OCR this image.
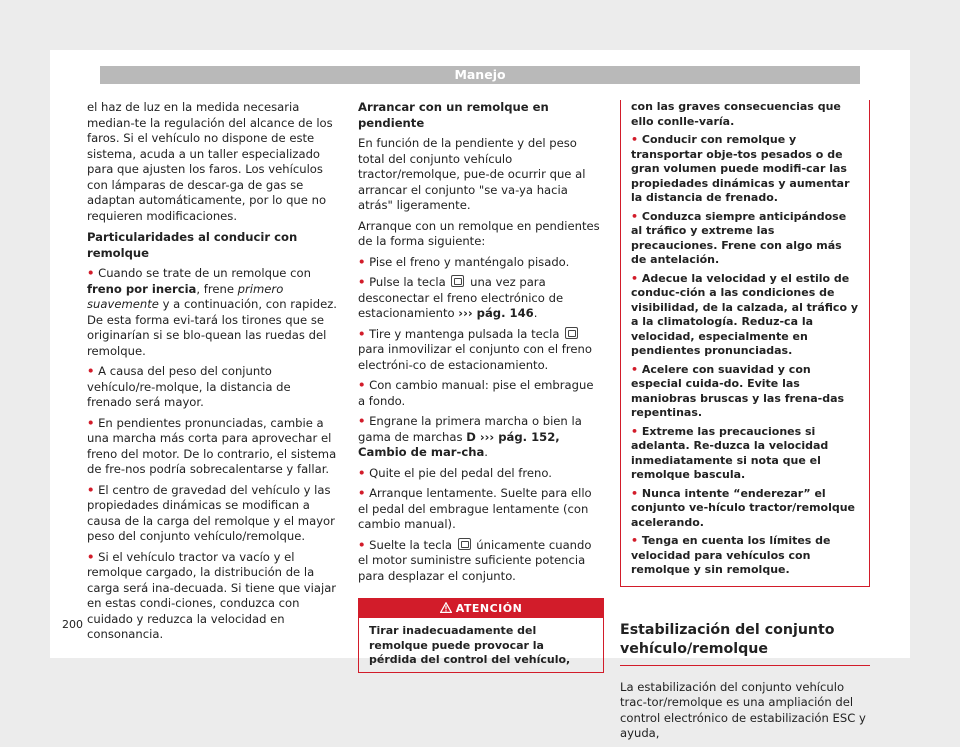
Manejo

el haz de luz en la medida necesaria median-te la regulación del alcance de los faros. Si el vehículo no dispone de este sistema, acuda a un taller especializado para que ajusten los faros. Los vehículos con lámparas de descar-ga de gas se adaptan automáticamente, por lo que no requieren modificaciones.

Particularidades al conducir con remolque

• Cuando se trate de un remolque con freno por inercia, frene primero suavemente y a continuación, con rapidez. De esta forma evi-tará los tirones que se originarían si se blo-quean las ruedas del remolque.

• A causa del peso del conjunto vehículo/re-molque, la distancia de frenado será mayor.

• En pendientes pronunciadas, cambie a una marcha más corta para aprovechar el freno del motor. De lo contrario, el sistema de fre-nos podría sobrecalentarse y fallar.

• El centro de gravedad del vehículo y las propiedades dinámicas se modifican a causa de la carga del remolque y el mayor peso del conjunto vehículo/remolque.

• Si el vehículo tractor va vacío y el remolque cargado, la distribución de la carga será ina-decuada. Si tiene que viajar en estas condi-ciones, conduzca con cuidado y reduzca la velocidad en consonancia.

Arrancar con un remolque en pendiente

En función de la pendiente y del peso total del conjunto vehículo tractor/remolque, pue-de ocurrir que al arrancar el conjunto "se va-ya hacia atrás" ligeramente.

Arranque con un remolque en pendientes de la forma siguiente:

• Pise el freno y manténgalo pisado.

• Pulse la tecla  una vez para desconectar el freno electrónico de estacionamiento ››› pág. 146.

• Tire y mantenga pulsada la tecla  para inmovilizar el conjunto con el freno electróni-co de estacionamiento.

• Con cambio manual: pise el embrague a fondo.

• Engrane la primera marcha o bien la gama de marchas D ››› pág. 152, Cambio de mar-cha.

• Quite el pie del pedal del freno.

• Arranque lentamente. Suelte para ello el pedal del embrague lentamente (con cambio manual).

• Suelte la tecla  únicamente cuando el motor suministre suficiente potencia para desplazar el conjunto.

ATENCIÓN
Tirar inadecuadamente del remolque puede provocar la pérdida del control del vehículo,

con las graves consecuencias que ello conlle-varía.

• Conducir con remolque y transportar obje-tos pesados o de gran volumen puede modifi-car las propiedades dinámicas y aumentar la distancia de frenado.

• Conduzca siempre anticipándose al tráfico y extreme las precauciones. Frene con algo más de antelación.

• Adecue la velocidad y el estilo de conduc-ción a las condiciones de visibilidad, de la calzada, al tráfico y a la climatología. Reduz-ca la velocidad, especialmente en pendientes pronunciadas.

• Acelere con suavidad y con especial cuida-do. Evite las maniobras bruscas y las frena-das repentinas.

• Extreme las precauciones si adelanta. Re-duzca la velocidad inmediatamente si nota que el remolque bascula.

• Nunca intente “enderezar” el conjunto ve-hículo tractor/remolque acelerando.

• Tenga en cuenta los límites de velocidad para vehículos con remolque y sin remolque.

Estabilización del conjunto vehículo/remolque

La estabilización del conjunto vehículo trac-tor/remolque es una ampliación del control electrónico de estabilización ESC y ayuda,

200
